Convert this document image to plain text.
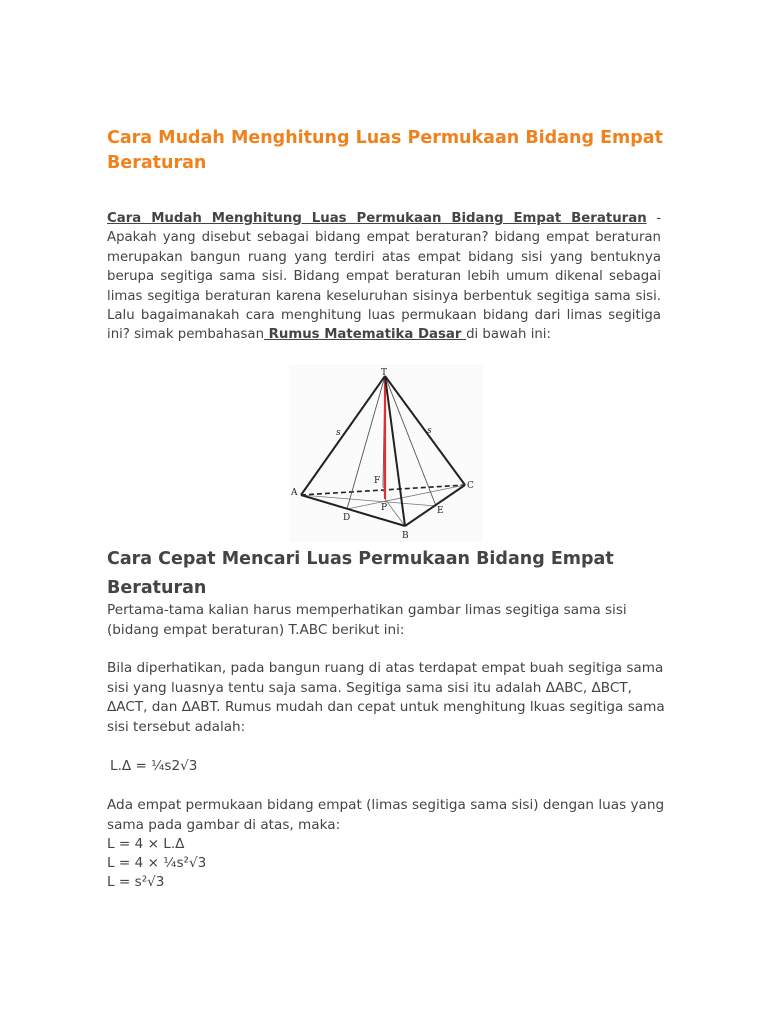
Cara Mudah Menghitung Luas Permukaan Bidang Empat Beraturan

Cara Mudah Menghitung Luas Permukaan Bidang Empat Beraturan - Apakah yang disebut sebagai bidang empat beraturan? bidang empat beraturan merupakan bangun ruang yang terdiri atas empat bidang sisi yang bentuknya berupa segitiga sama sisi. Bidang empat beraturan lebih umum dikenal sebagai limas segitiga beraturan karena keseluruhan sisinya berbentuk segitiga sama sisi. Lalu bagaimanakah cara menghitung luas permukaan bidang dari limas segitiga ini? simak pembahasan Rumus Matematika Dasar di bawah ini:

T
A
B
C
D
E
F
P
s	s
Cara Cepat Mencari Luas Permukaan Bidang Empat Beraturan

Pertama-tama kalian harus memperhatikan gambar limas segitiga sama sisi (bidang empat beraturan) T.ABC berikut ini:

Bila diperhatikan, pada bangun ruang di atas terdapat empat buah segitiga sama sisi yang luasnya tentu saja sama. Segitiga sama sisi itu adalah ΔABC, ΔBCT, ΔACT, dan ΔABT. Rumus mudah dan cepat untuk menghitung lkuas segitiga sama sisi tersebut adalah:

L.Δ = ¼s2√3

Ada empat permukaan bidang empat (limas segitiga sama sisi) dengan luas yang sama pada gambar di atas, maka:

L = 4 × L.Δ

L = 4 × ¼s²√3

L = s²√3
